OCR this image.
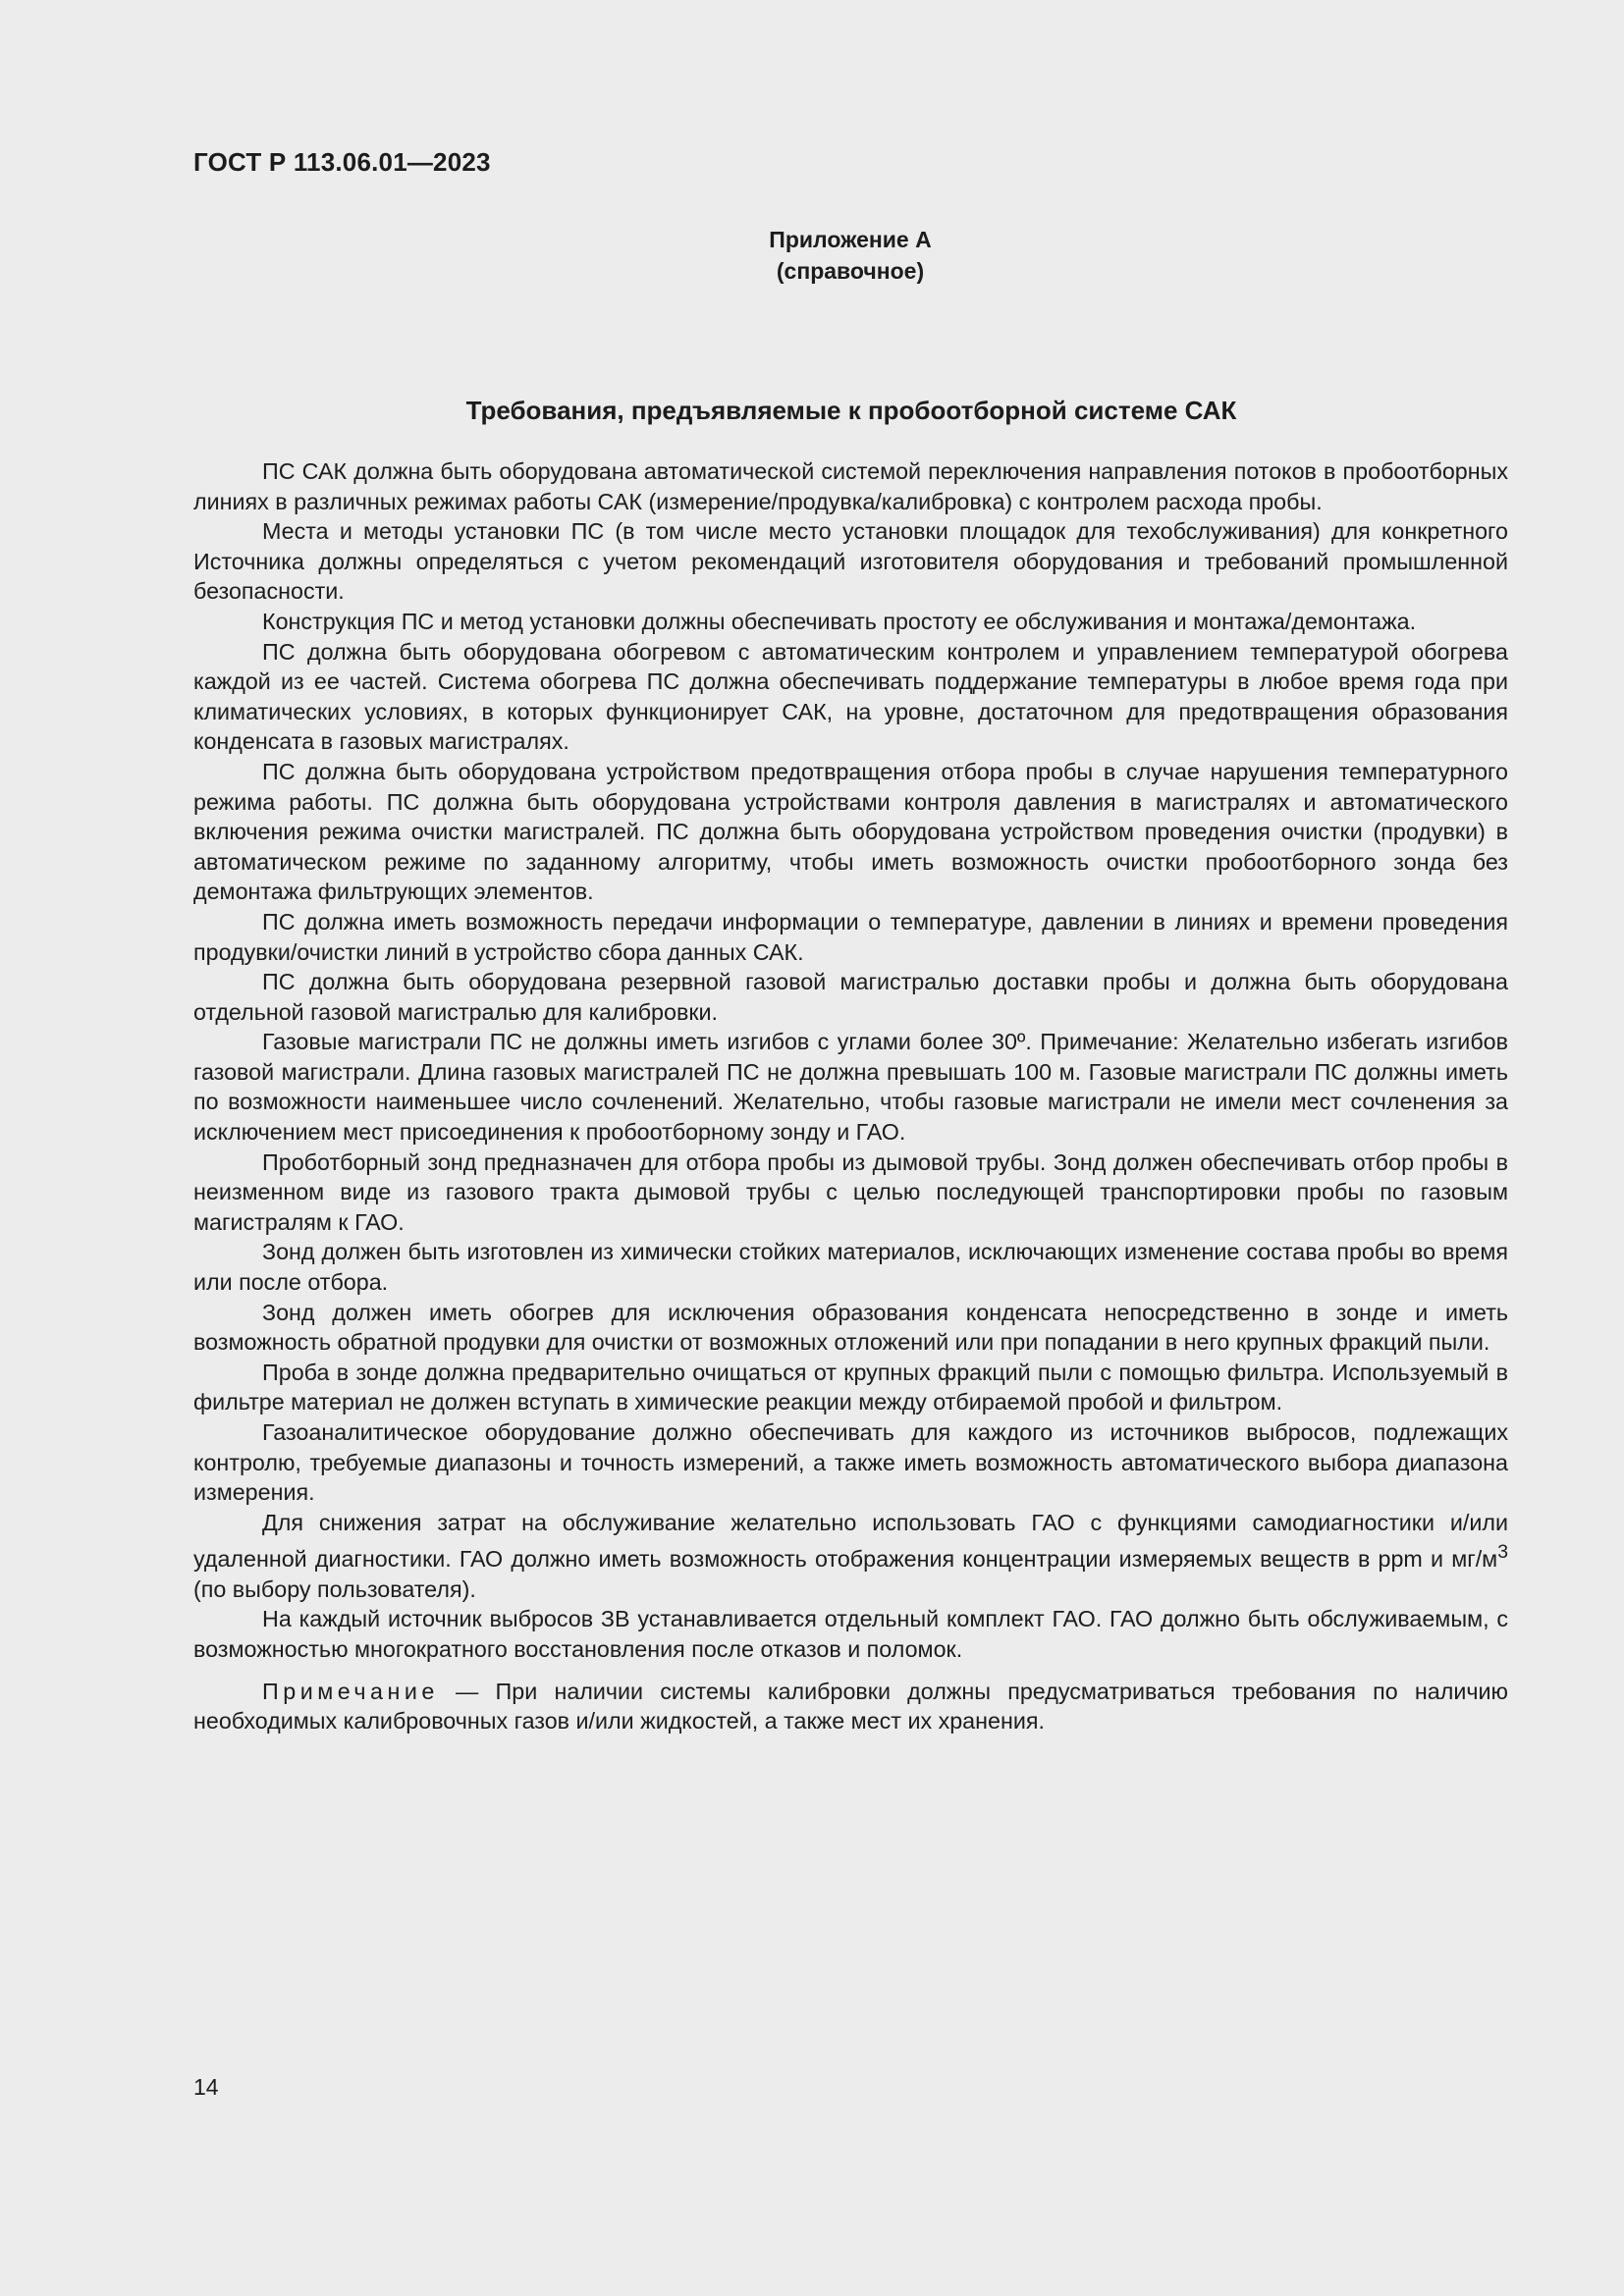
ГОСТ Р 113.06.01—2023
Приложение А
(справочное)
Требования, предъявляемые к пробоотборной системе САК

ПС САК должна быть оборудована автоматической системой переключения направления потоков в пробоотборных линиях в различных режимах работы САК (измерение/продувка/калибровка) с контролем расхода пробы.

Места и методы установки ПС (в том числе место установки площадок для техобслуживания) для конкретного Источника должны определяться с учетом рекомендаций изготовителя оборудования и требований промышленной безопасности.

Конструкция ПС и метод установки должны обеспечивать простоту ее обслуживания и монтажа/демонтажа.

ПС должна быть оборудована обогревом с автоматическим контролем и управлением температурой обогрева каждой из ее частей. Система обогрева ПС должна обеспечивать поддержание температуры в любое время года при климатических условиях, в которых функционирует САК, на уровне, достаточном для предотвращения образования конденсата в газовых магистралях.

ПС должна быть оборудована устройством предотвращения отбора пробы в случае нарушения температурного режима работы. ПС должна быть оборудована устройствами контроля давления в магистралях и автоматического включения режима очистки магистралей. ПС должна быть оборудована устройством проведения очистки (продувки) в автоматическом режиме по заданному алгоритму, чтобы иметь возможность очистки пробоотборного зонда без демонтажа фильтрующих элементов.

ПС должна иметь возможность передачи информации о температуре, давлении в линиях и времени проведения продувки/очистки линий в устройство сбора данных САК.

ПС должна быть оборудована резервной газовой магистралью доставки пробы и должна быть оборудована отдельной газовой магистралью для калибровки.

Газовые магистрали ПС не должны иметь изгибов с углами более 30º. Примечание: Желательно избегать изгибов газовой магистрали. Длина газовых магистралей ПС не должна превышать 100 м. Газовые магистрали ПС должны иметь по возможности наименьшее число сочленений. Желательно, чтобы газовые магистрали не имели мест сочленения за исключением мест присоединения к пробоотборному зонду и ГАО.

Проботборный зонд предназначен для отбора пробы из дымовой трубы. Зонд должен обеспечивать отбор пробы в неизменном виде из газового тракта дымовой трубы с целью последующей транспортировки пробы по газовым магистралям к ГАО.

Зонд должен быть изготовлен из химически стойких материалов, исключающих изменение состава пробы во время или после отбора.

Зонд должен иметь обогрев для исключения образования конденсата непосредственно в зонде и иметь возможность обратной продувки для очистки от возможных отложений или при попадании в него крупных фракций пыли.

Проба в зонде должна предварительно очищаться от крупных фракций пыли с помощью фильтра. Используемый в фильтре материал не должен вступать в химические реакции между отбираемой пробой и фильтром.

Газоаналитическое оборудование должно обеспечивать для каждого из источников выбросов, подлежащих контролю, требуемые диапазоны и точность измерений, а также иметь возможность автоматического выбора диапазона измерения.

Для снижения затрат на обслуживание желательно использовать ГАО с функциями самодиагностики и/или удаленной диагностики. ГАО должно иметь возможность отображения концентрации измеряемых веществ в ppm и $мг/м^3$ (по выбору пользователя).

На каждый источник выбросов ЗВ устанавливается отдельный комплект ГАО. ГАО должно быть обслуживаемым, с возможностью многократного восстановления после отказов и поломок.

Примечание — При наличии системы калибровки должны предусматриваться требования по наличию необходимых калибровочных газов и/или жидкостей, а также мест их хранения.

14
